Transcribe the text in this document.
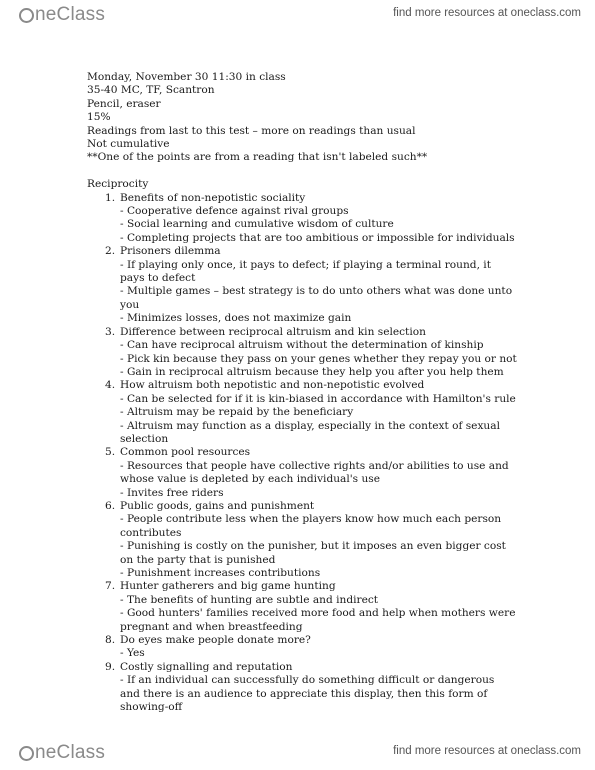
neClass	find more resources at oneclass.com
Monday, November 30 11:30 in class
35-40 MC, TF, Scantron
Pencil, eraser
15%
Readings from last to this test – more on readings than usual
Not cumulative
**One of the points are from a reading that isn't labeled such**
Reciprocity
1. Benefits of non-nepotistic sociality
- Cooperative defence against rival groups
- Social learning and cumulative wisdom of culture
- Completing projects that are too ambitious or impossible for individuals
2. Prisoners dilemma
- If playing only once, it pays to defect; if playing a terminal round, it pays to defect
- Multiple games – best strategy is to do unto others what was done unto you
- Minimizes losses, does not maximize gain
3. Difference between reciprocal altruism and kin selection
- Can have reciprocal altruism without the determination of kinship
- Pick kin because they pass on your genes whether they repay you or not
- Gain in reciprocal altruism because they help you after you help them
4. How altruism both nepotistic and non-nepotistic evolved
- Can be selected for if it is kin-biased in accordance with Hamilton's rule
- Altruism may be repaid by the beneficiary
- Altruism may function as a display, especially in the context of sexual selection
5. Common pool resources
- Resources that people have collective rights and/or abilities to use and whose value is depleted by each individual's use
- Invites free riders
6. Public goods, gains and punishment
- People contribute less when the players know how much each person contributes
- Punishing is costly on the punisher, but it imposes an even bigger cost on the party that is punished
- Punishment increases contributions
7. Hunter gatherers and big game hunting
- The benefits of hunting are subtle and indirect
- Good hunters' families received more food and help when mothers were pregnant and when breastfeeding
8. Do eyes make people donate more?
- Yes
9. Costly signalling and reputation
- If an individual can successfully do something difficult or dangerous and there is an audience to appreciate this display, then this form of showing-off
neClass	find more resources at oneclass.com
